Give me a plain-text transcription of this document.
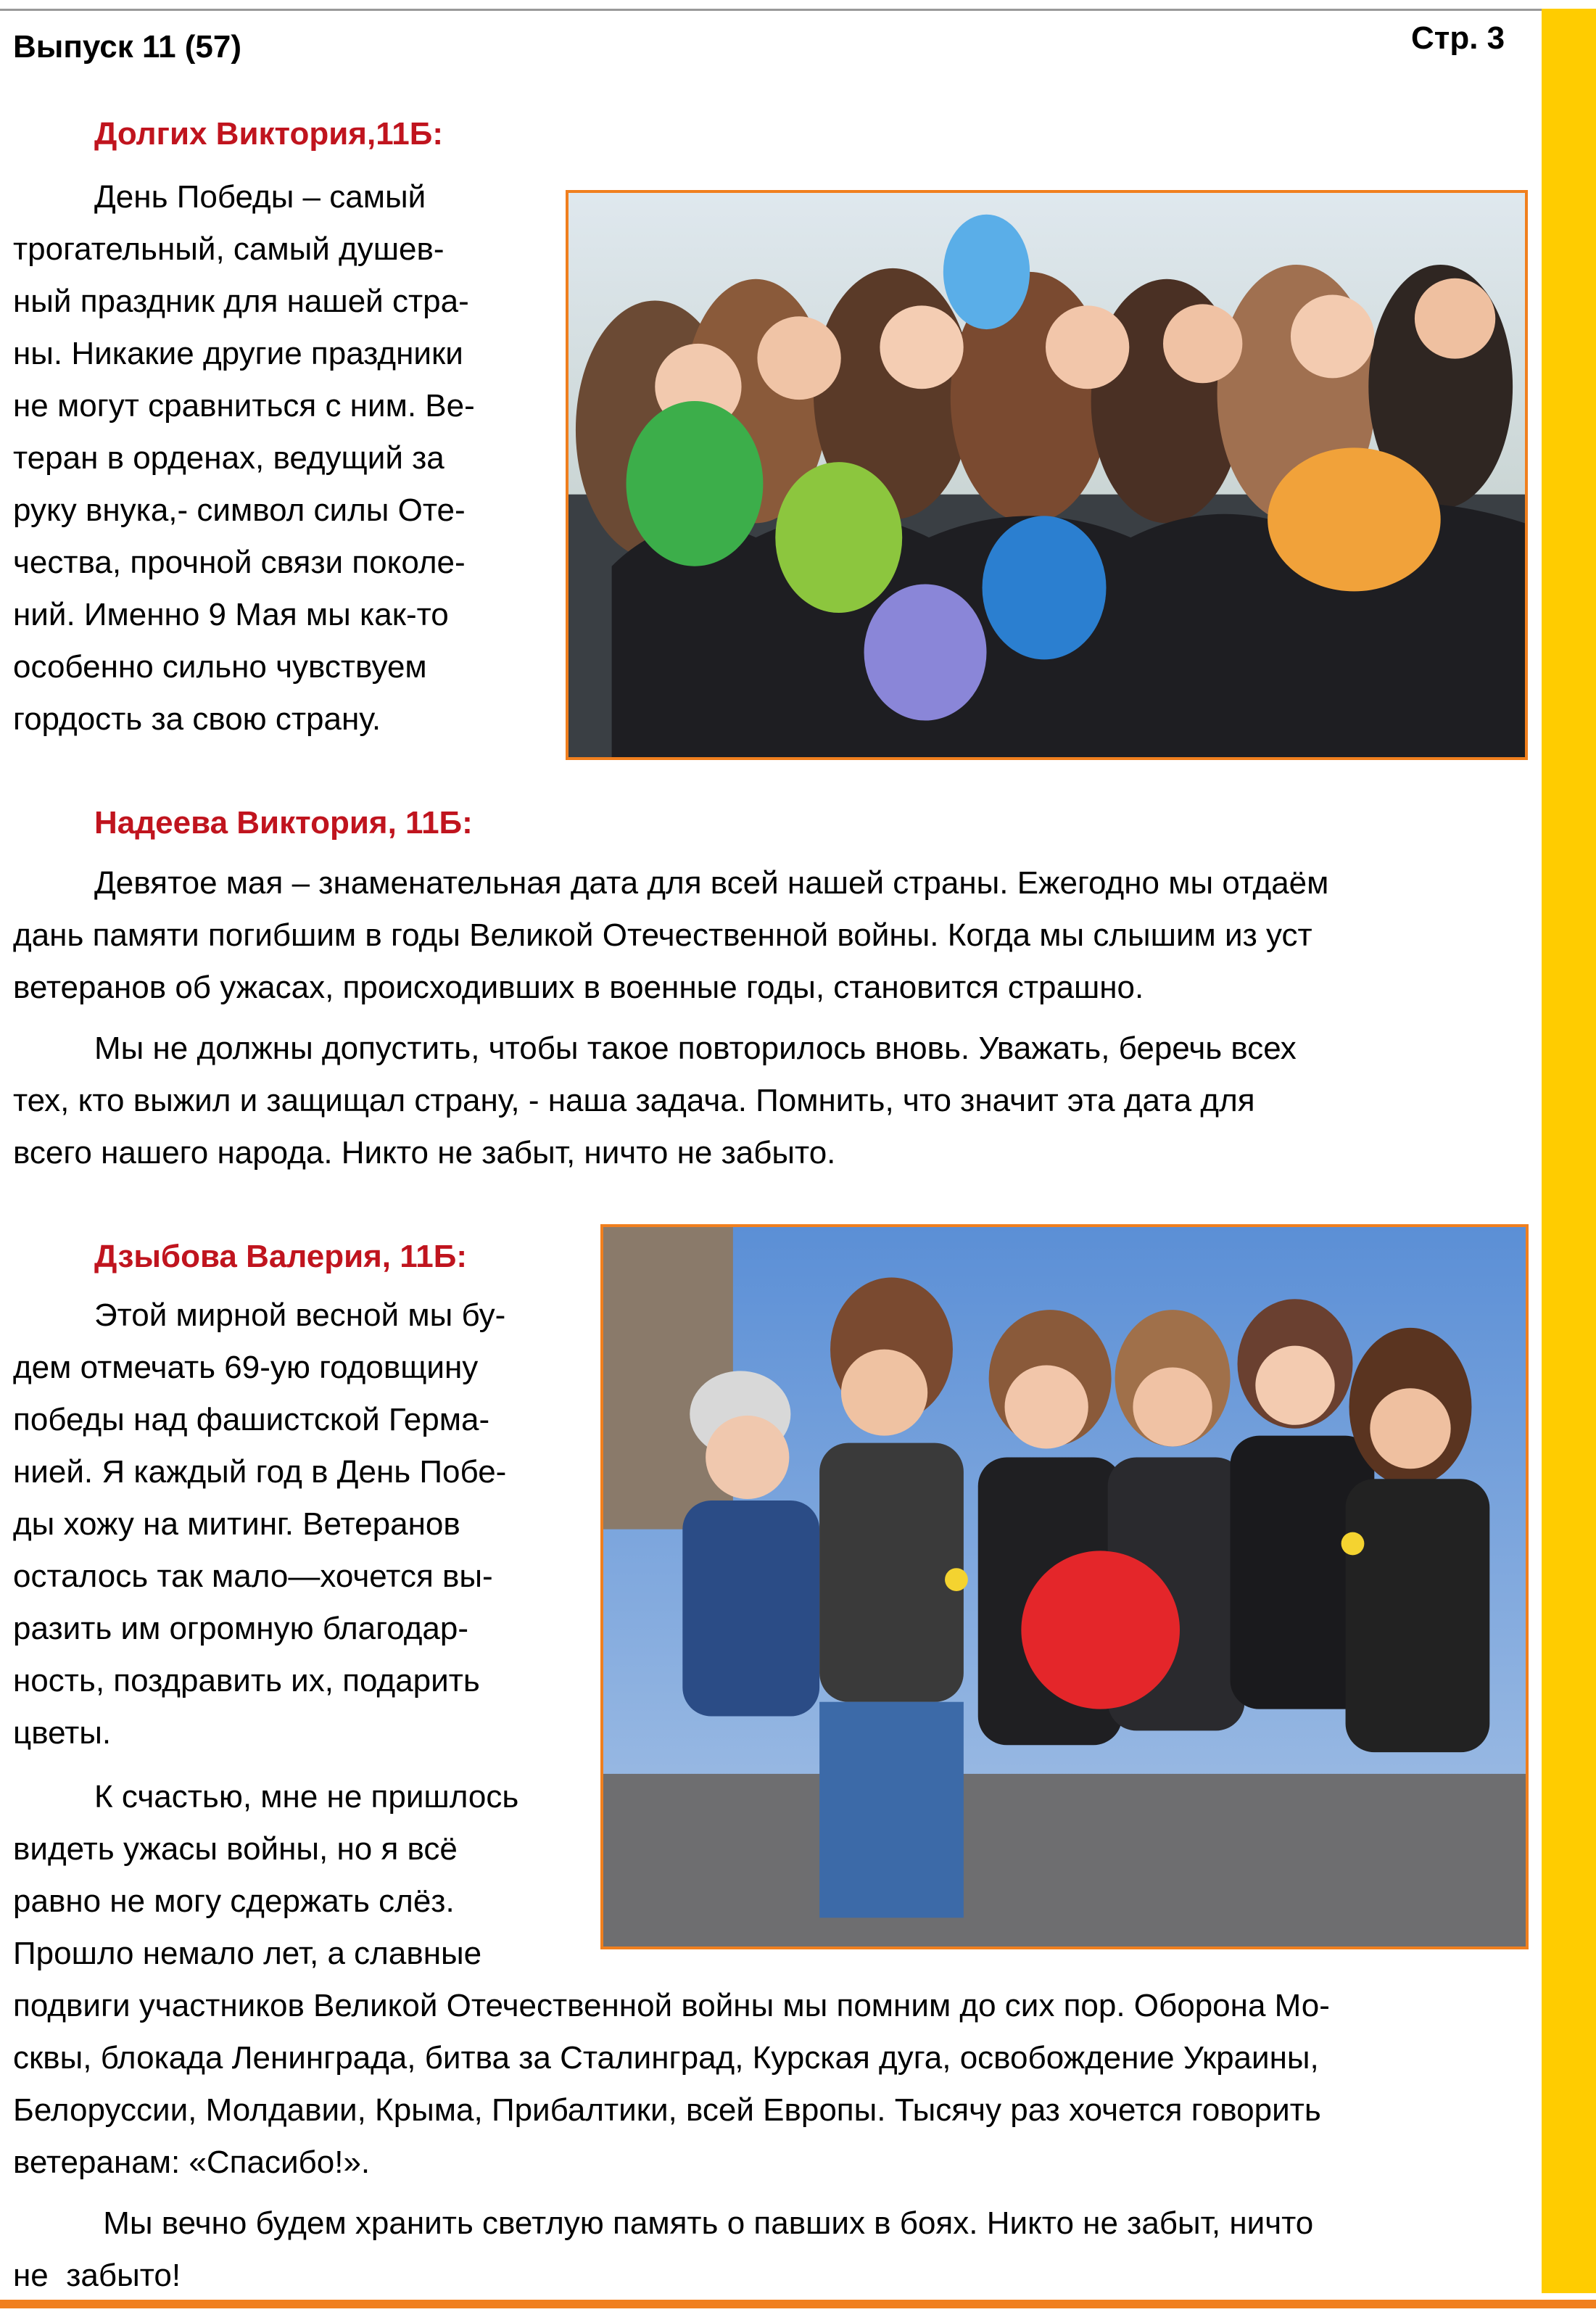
Выпуск 11 (57)	Стр. 3
Долгих Виктория,11Б:

День Победы – самый

трогательный, самый душев-

ный праздник для нашей стра-

ны. Никакие другие праздники

не могут сравниться с ним. Ве-

теран в орденах, ведущий за

руку внука,- символ силы Оте-

чества, прочной связи поколе-

ний. Именно 9 Мая мы как-то

особенно сильно чувствуем

гордость за свою страну.

Надеева Виктория, 11Б:

Девятое мая – знаменательная дата для всей нашей страны. Ежегодно мы отдаём

дань памяти погибшим в годы Великой Отечественной войны. Когда мы слышим из уст

ветеранов об ужасах, происходивших в военные годы, становится страшно.

Мы не должны допустить, чтобы такое повторилось вновь. Уважать, беречь всех

тех, кто выжил и защищал страну, - наша задача. Помнить, что значит эта дата для

всего нашего народа. Никто не забыт, ничто не забыто.

Дзыбова Валерия, 11Б:

Этой мирной весной мы бу-

дем отмечать 69-ую годовщину

победы над фашистской Герма-

нией. Я каждый год в День Побе-

ды хожу на митинг. Ветеранов

осталось так мало—хочется вы-

разить им огромную благодар-

ность, поздравить их, подарить

цветы.

К счастью, мне не пришлось

видеть ужасы войны, но я всё

равно не могу сдержать слёз.

Прошло немало лет, а славные

подвиги участников Великой Отечественной войны мы помним до сих пор. Оборона Мо-

сквы, блокада Ленинграда, битва за Сталинград, Курская дуга, освобождение Украины,

Белоруссии, Молдавии, Крыма, Прибалтики, всей Европы. Тысячу раз хочется говорить

ветеранам: «Спасибо!».

Мы вечно будем хранить светлую память о павших в боях. Никто не забыт, ничто

не  забыто!
